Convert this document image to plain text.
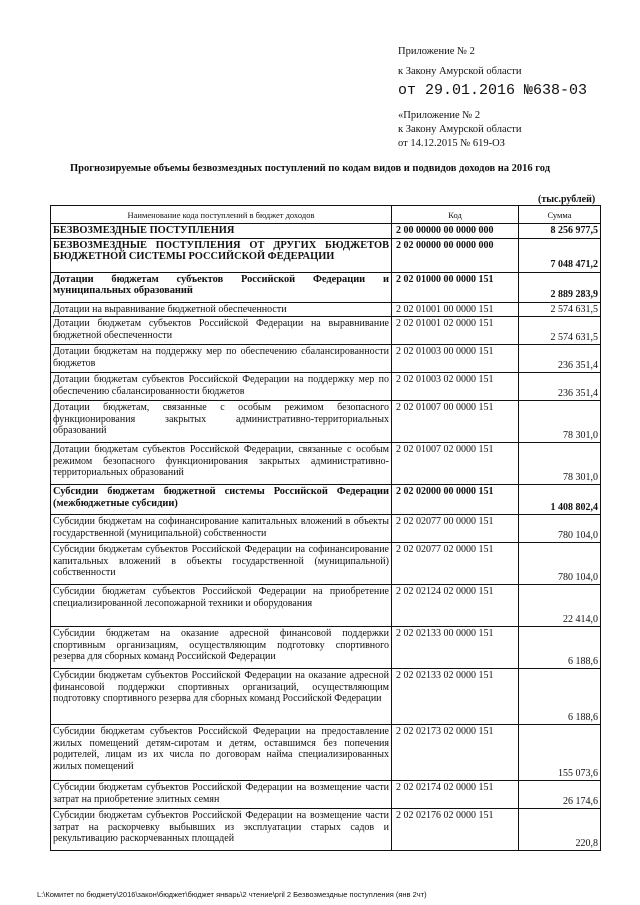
Приложение № 2
к Закону Амурской области
от 29.01.2016 №638-03
«Приложение № 2
к Закону Амурской области
от 14.12.2015 № 619-ОЗ
Прогнозируемые объемы безвозмездных поступлений по кодам видов и подвидов доходов на 2016 год
(тыс.рублей)
Наименование кода поступлений в бюджет доходов	Код	Сумма
БЕЗВОЗМЕЗДНЫЕ ПОСТУПЛЕНИЯ	2 00 00000 00 0000 000	8 256 977,5
БЕЗВОЗМЕЗДНЫЕ ПОСТУПЛЕНИЯ ОТ ДРУГИХ БЮДЖЕТОВ БЮДЖЕТНОЙ СИСТЕМЫ РОССИЙСКОЙ ФЕДЕРАЦИИ	2 02 00000 00 0000 000	7 048 471,2
Дотации бюджетам субъектов Российской Федерации и муниципальных образований	2 02 01000 00 0000 151	2 889 283,9
Дотации на выравнивание бюджетной обеспеченности	2 02 01001 00 0000 151	2 574 631,5
Дотации бюджетам субъектов Российской Федерации на выравнивание бюджетной обеспеченности	2 02 01001 02 0000 151	2 574 631,5
Дотации бюджетам на поддержку мер по обеспечению сбалансированности бюджетов	2 02 01003 00 0000 151	236 351,4
Дотации бюджетам субъектов Российской Федерации на поддержку мер по обеспечению сбалансированности бюджетов	2 02 01003 02 0000 151	236 351,4
Дотации бюджетам, связанные с особым режимом безопасного функционирования закрытых административно-территориальных образований	2 02 01007 00 0000 151	78 301,0
Дотации бюджетам субъектов Российской Федерации, связанные с особым режимом безопасного функционирования закрытых административно-территориальных образований	2 02 01007 02 0000 151	78 301,0
Субсидии бюджетам бюджетной системы Российской Федерации (межбюджетные субсидии)	2 02 02000 00 0000 151	1 408 802,4
Субсидии бюджетам на софинансирование капитальных вложений в объекты государственной (муниципальной) собственности	2 02 02077 00 0000 151	780 104,0
Субсидии бюджетам субъектов Российской Федерации на софинансирование капитальных вложений в объекты государственной (муниципальной) собственности	2 02 02077 02 0000 151	780 104,0
Субсидии бюджетам субъектов Российской Федерации на приобретение специализированной лесопожарной техники и оборудования	2 02 02124 02 0000 151	22 414,0
Субсидии бюджетам на оказание адресной финансовой поддержки спортивным организациям, осуществляющим подготовку спортивного резерва для сборных команд Российской Федерации	2 02 02133 00 0000 151	6 188,6
Субсидии бюджетам субъектов Российской Федерации на оказание адресной финансовой поддержки спортивных организаций, осуществляющим подготовку спортивного резерва для сборных команд Российской Федерации	2 02 02133 02 0000 151	6 188,6
Субсидии бюджетам субъектов Российской Федерации на предоставление жилых помещений детям-сиротам и детям, оставшимся без попечения родителей, лицам из их числа по договорам найма специализированных жилых помещений	2 02 02173 02 0000 151	155 073,6
Субсидии бюджетам субъектов Российской Федерации на возмещение части затрат на приобретение элитных семян	2 02 02174 02 0000 151	26 174,6
Субсидии бюджетам субъектов Российской Федерации на возмещение части затрат на раскорчевку выбывших из эксплуатации старых садов и рекультивацию раскорчеванных площадей	2 02 02176 02 0000 151	220,8
L:\Комитет по бюджету\2016\закон\бюджет\бюджет январь\2 чтение\pril 2 Безвозмездные поступления (янв 2чт)
